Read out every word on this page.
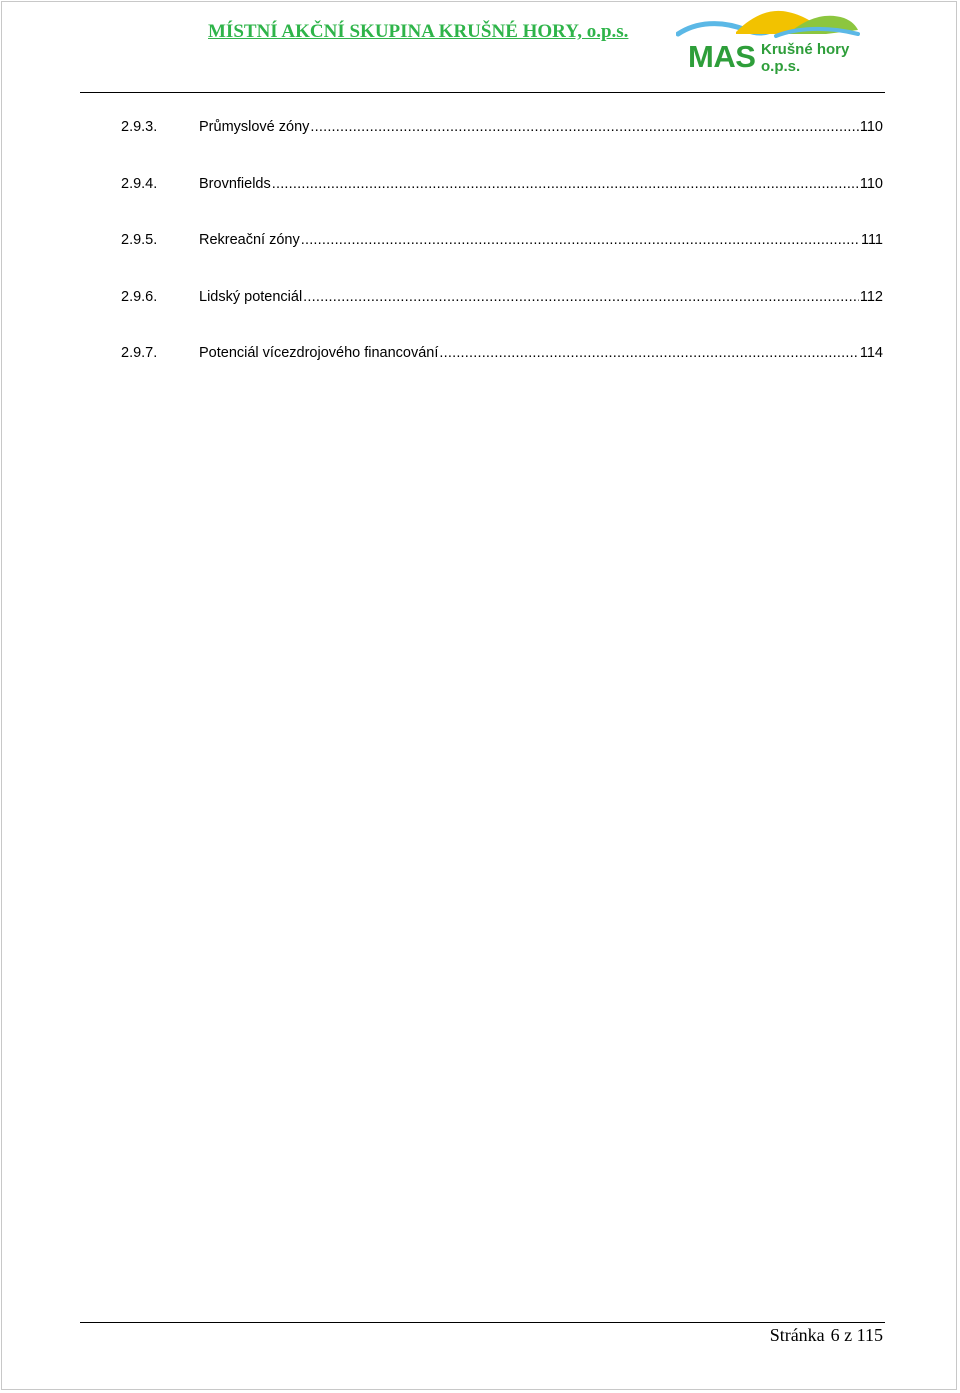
MÍSTNÍ AKČNÍ SKUPINA KRUŠNÉ HORY, o.p.s.
MAS Krušné hory
o.p.s.
2.9.3.	Průmyslové zóny .....	110
2.9.4.	Brovnfields .....	110
2.9.5.	Rekreační zóny .....	111
2.9.6.	Lidský potenciál .....	112
2.9.7.	Potenciál vícezdrojového financování .....	114
Stránka 6 z 115
